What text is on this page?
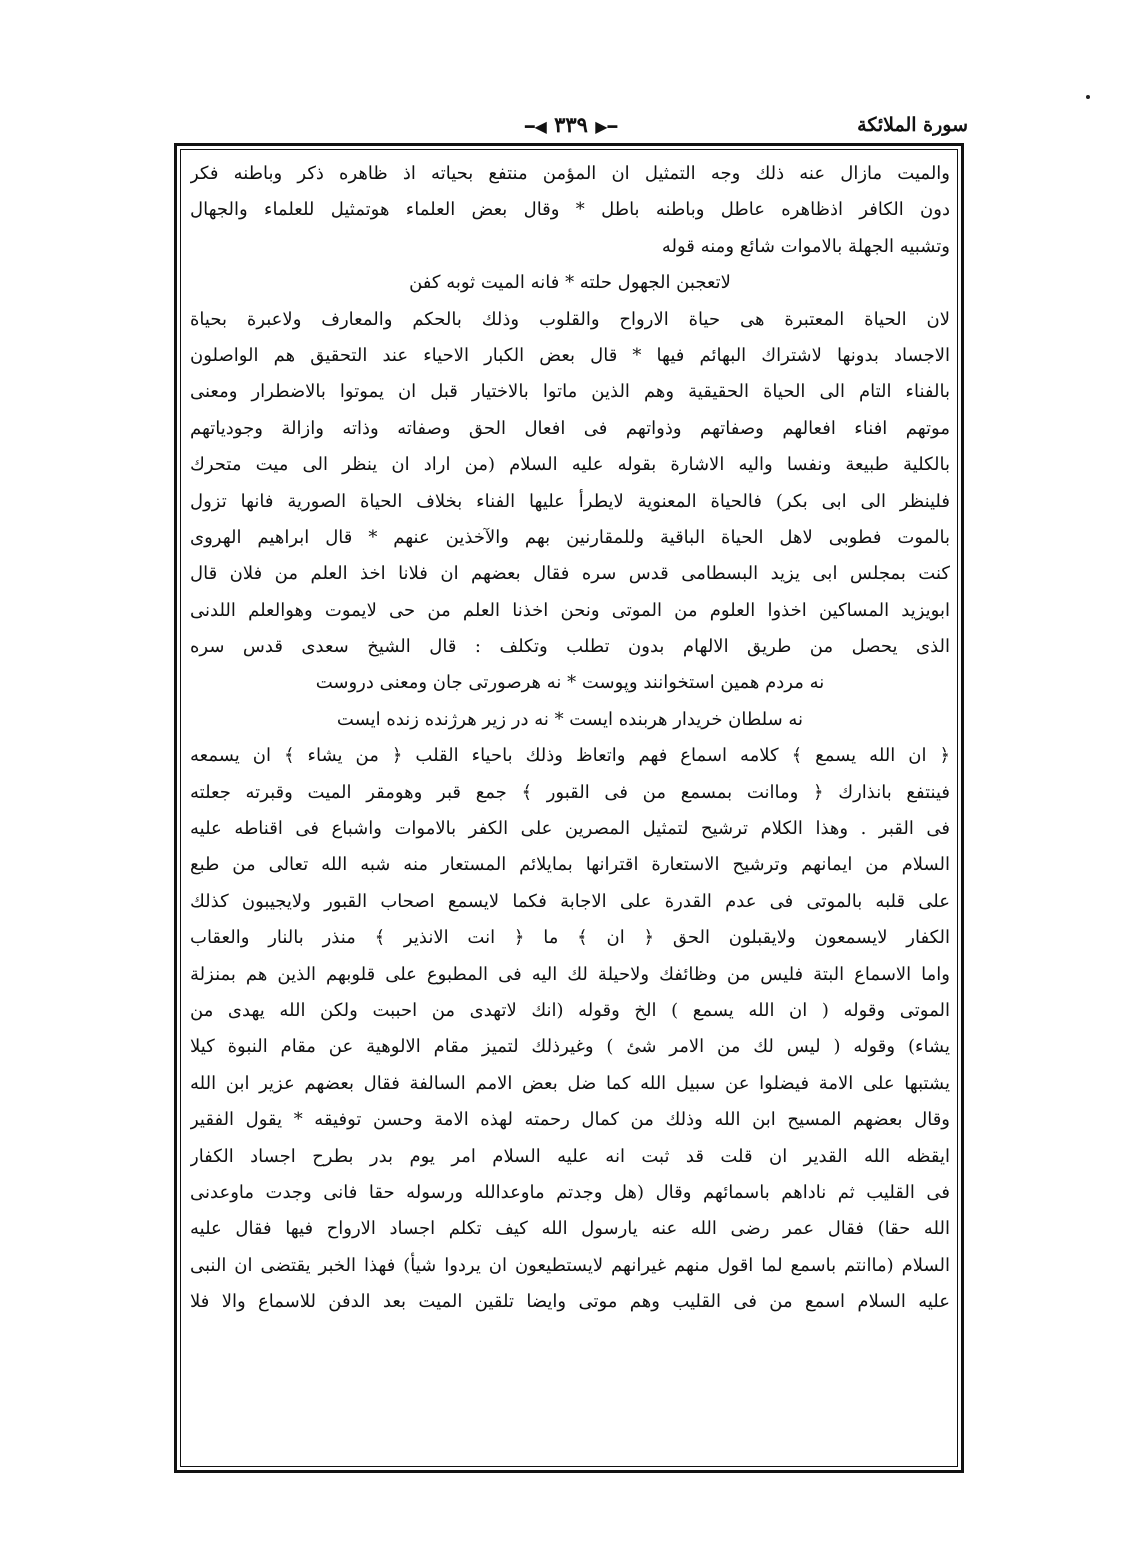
سورة الملائكة
━▶ ٣٣٩ ◀━
والميت مازال عنه ذلك وجه التمثيل ان المؤمن منتفع بحياته اذ ظاهره ذكر وباطنه فكر
دون الكافر اذظاهره عاطل وباطنه باطل * وقال بعض العلماء هوتمثيل للعلماء والجهال
وتشبيه الجهلة بالاموات شائع ومنه قوله
لاتعجبن الجهول حلته * فانه الميت ثوبه كفن
لان الحياة المعتبرة هى حياة الارواح والقلوب وذلك بالحكم والمعارف ولاعبرة بحياة
الاجساد بدونها لاشتراك البهائم فيها * قال بعض الكبار الاحياء عند التحقيق هم الواصلون
بالفناء التام الى الحياة الحقيقية وهم الذين ماتوا بالاختيار قبل ان يموتوا بالاضطرار ومعنى
موتهم افناء افعالهم وصفاتهم وذواتهم فى افعال الحق وصفاته وذاته وازالة وجودياتهم
بالكلية طبيعة ونفسا واليه الاشارة بقوله عليه السلام (من اراد ان ينظر الى ميت متحرك
فلينظر الى ابى بكر) فالحياة المعنوية لايطرأ عليها الفناء بخلاف الحياة الصورية فانها تزول
بالموت فطوبى لاهل الحياة الباقية وللمقارنين بهم والآخذين عنهم * قال ابراهيم الهروى
كنت بمجلس ابى يزيد البسطامى قدس سره فقال بعضهم ان فلانا اخذ العلم من فلان قال
ابويزيد المساكين اخذوا العلوم من الموتى ونحن اخذنا العلم من حى لايموت وهوالعلم اللدنى
الذى يحصل من طريق الالهام بدون تطلب وتكلف : قال الشيخ سعدى قدس سره
نه مردم همين استخوانند وپوست * نه هرصورتى جان ومعنى دروست
نه سلطان خريدار هربنده ايست * نه در زير هرژنده زنده ايست
﴿ ان الله يسمع ﴾ كلامه اسماع فهم واتعاظ وذلك باحياء القلب ﴿ من يشاء ﴾ ان يسمعه
فينتفع بانذارك ﴿ وماانت بمسمع من فى القبور ﴾ جمع قبر وهومقر الميت وقبرته جعلته
فى القبر . وهذا الكلام ترشيح لتمثيل المصرين على الكفر بالاموات واشباع فى اقناطه عليه
السلام من ايمانهم وترشيح الاستعارة اقترانها بمايلائم المستعار منه شبه الله تعالى من طبع
على قلبه بالموتى فى عدم القدرة على الاجابة فكما لايسمع اصحاب القبور ولايجيبون كذلك
الكفار لايسمعون ولايقبلون الحق ﴿ ان ﴾ ما ﴿ انت الانذير ﴾ منذر بالنار والعقاب
واما الاسماع البتة فليس من وظائفك ولاحيلة لك اليه فى المطبوع على قلوبهم الذين هم بمنزلة
الموتى وقوله ( ان الله يسمع ) الخ وقوله (انك لاتهدى من احببت ولكن الله يهدى من
يشاء) وقوله ( ليس لك من الامر شئ ) وغيرذلك لتميز مقام الالوهية عن مقام النبوة كيلا
يشتبها على الامة فيضلوا عن سبيل الله كما ضل بعض الامم السالفة فقال بعضهم عزير ابن الله
وقال بعضهم المسيح ابن الله وذلك من كمال رحمته لهذه الامة وحسن توفيقه * يقول الفقير
ايقظه الله القدير ان قلت قد ثبت انه عليه السلام امر يوم بدر بطرح اجساد الكفار
فى القليب ثم ناداهم باسمائهم وقال (هل وجدتم ماوعدالله ورسوله حقا فانى وجدت ماوعدنى
الله حقا) فقال عمر رضى الله عنه يارسول الله كيف تكلم اجساد الارواح فيها فقال عليه
السلام (ماانتم باسمع لما اقول منهم غيرانهم لايستطيعون ان يردوا شيأ) فهذا الخبر يقتضى ان النبى
عليه السلام اسمع من فى القليب وهم موتى وايضا تلقين الميت بعد الدفن للاسماع والا فلا
